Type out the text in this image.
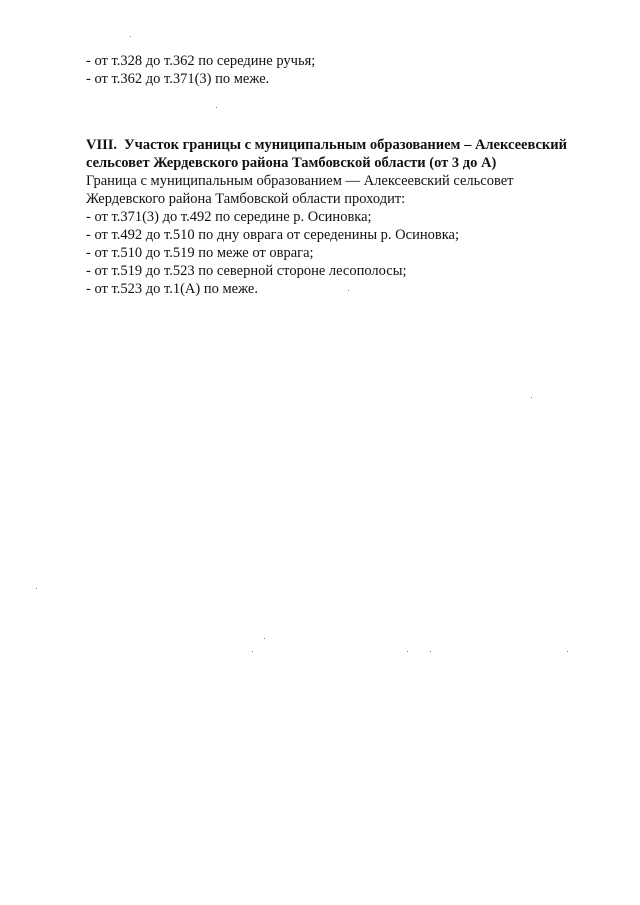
- от т.328 до т.362 по середине ручья;
- от т.362 до т.371(3) по меже.
VIII. Участок границы с муниципальным образованием – Алексеевский сельсовет Жердевского района Тамбовской области (от 3 до А)
Граница с муниципальным образованием — Алексеевский сельсовет
Жердевского района Тамбовской области проходит:
- от т.371(3) до т.492 по середине р. Осиновка;
- от т.492 до т.510 по дну оврага от середенины р. Осиновка;
- от т.510 до т.519 по меже от оврага;
- от т.519 до т.523 по северной стороне лесополосы;
- от т.523 до т.1(А) по меже.
